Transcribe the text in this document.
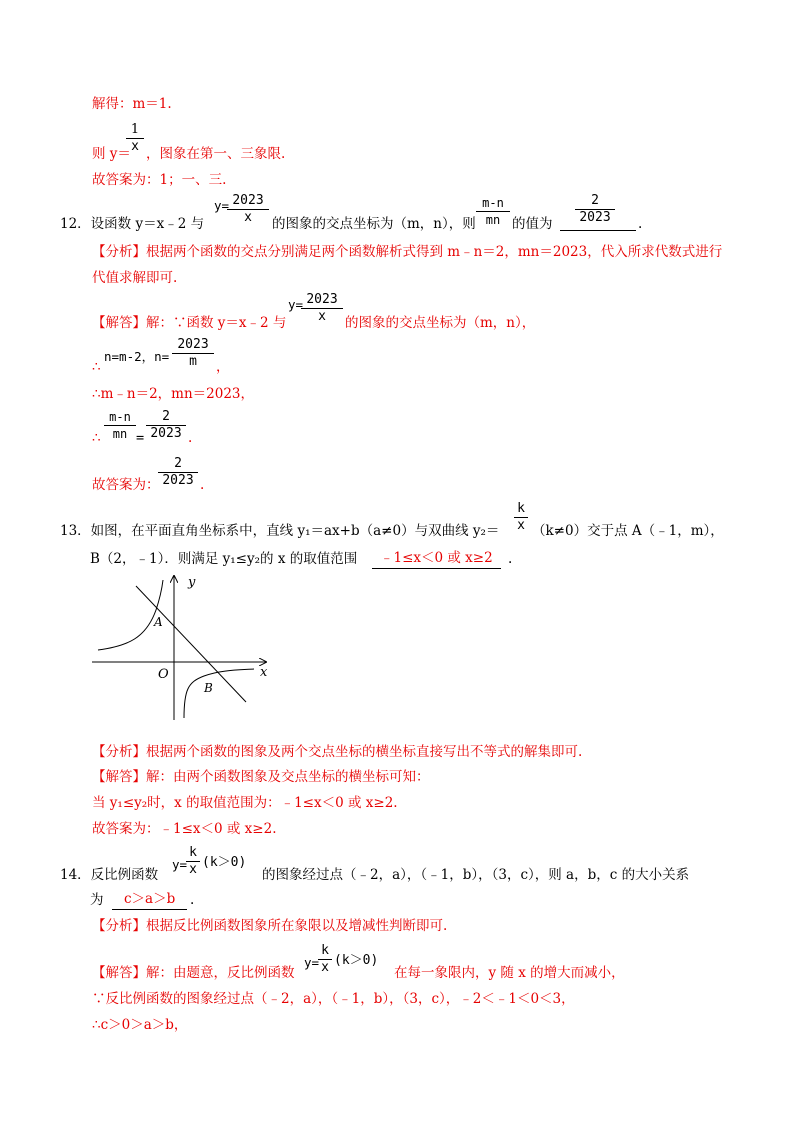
解得：m＝1.
则 y＝
$\frac{1}{x}$ ，图象在第一、三象限.
故答案为：1；一、三.
12．设函数 y＝x﹣2 与
y=
$\frac{2023}{x}$ 的图象的交点坐标为（m，n），则 $\frac{m-n}{mn}$ 的值为 $\frac{2}{2023}$ .
【分析】根据两个函数的交点分别满足两个函数解析式得到 m﹣n＝2，mn＝2023，代入所求代数式进行
代值求解即可.
【解答】解：∵函数 y＝x﹣2 与
y=
$\frac{2023}{x}$ 的图象的交点坐标为（m，n），
∴
n=m-2，$n= \frac{2023}{m}$ ，
∴m﹣n＝2，mn＝2023，
∴ $\frac{m-n}{mn} = \frac{2}{2023}$ .
故答案为：
$\frac{2}{2023}$ .
13．如图，在平面直角坐标系中，直线 y₁＝ax+b（a≠0）与双曲线 $y_2= \frac{k}{x} (k\ne 0)$交于点 A（﹣1，m），
B（2，﹣1）．则满足 y₁≤y₂的 x 的取值范围	﹣1≤x＜0 或 x≥2	.
y
x
O
A
B
【分析】根据两个函数的图象及两个交点坐标的横坐标直接写出不等式的解集即可.
【解答】解：由两个函数图象及交点坐标的横坐标可知：
当 y₁≤y₂时，x 的取值范围为：﹣1≤x＜0 或 x≥2.
故答案为：﹣1≤x＜0 或 x≥2.
14．反比例函数
y=
$\frac{k}{x} (k>0)$
的图象经过点（﹣2，a），（﹣1，b），（3，c），则 a，b，c 的大小关系
为	c＞a＞b	.
【分析】根据反比例函数图象所在象限以及增减性判断即可.
【解答】解：由题意，反比例函数
y=
$\frac{k}{x} (k>0)$
在每一象限内，y 随 x 的增大而减小，
∵反比例函数的图象经过点（﹣2，a），（﹣1，b），（3，c），﹣2＜﹣1＜0＜3，
∴c＞0＞a＞b，
